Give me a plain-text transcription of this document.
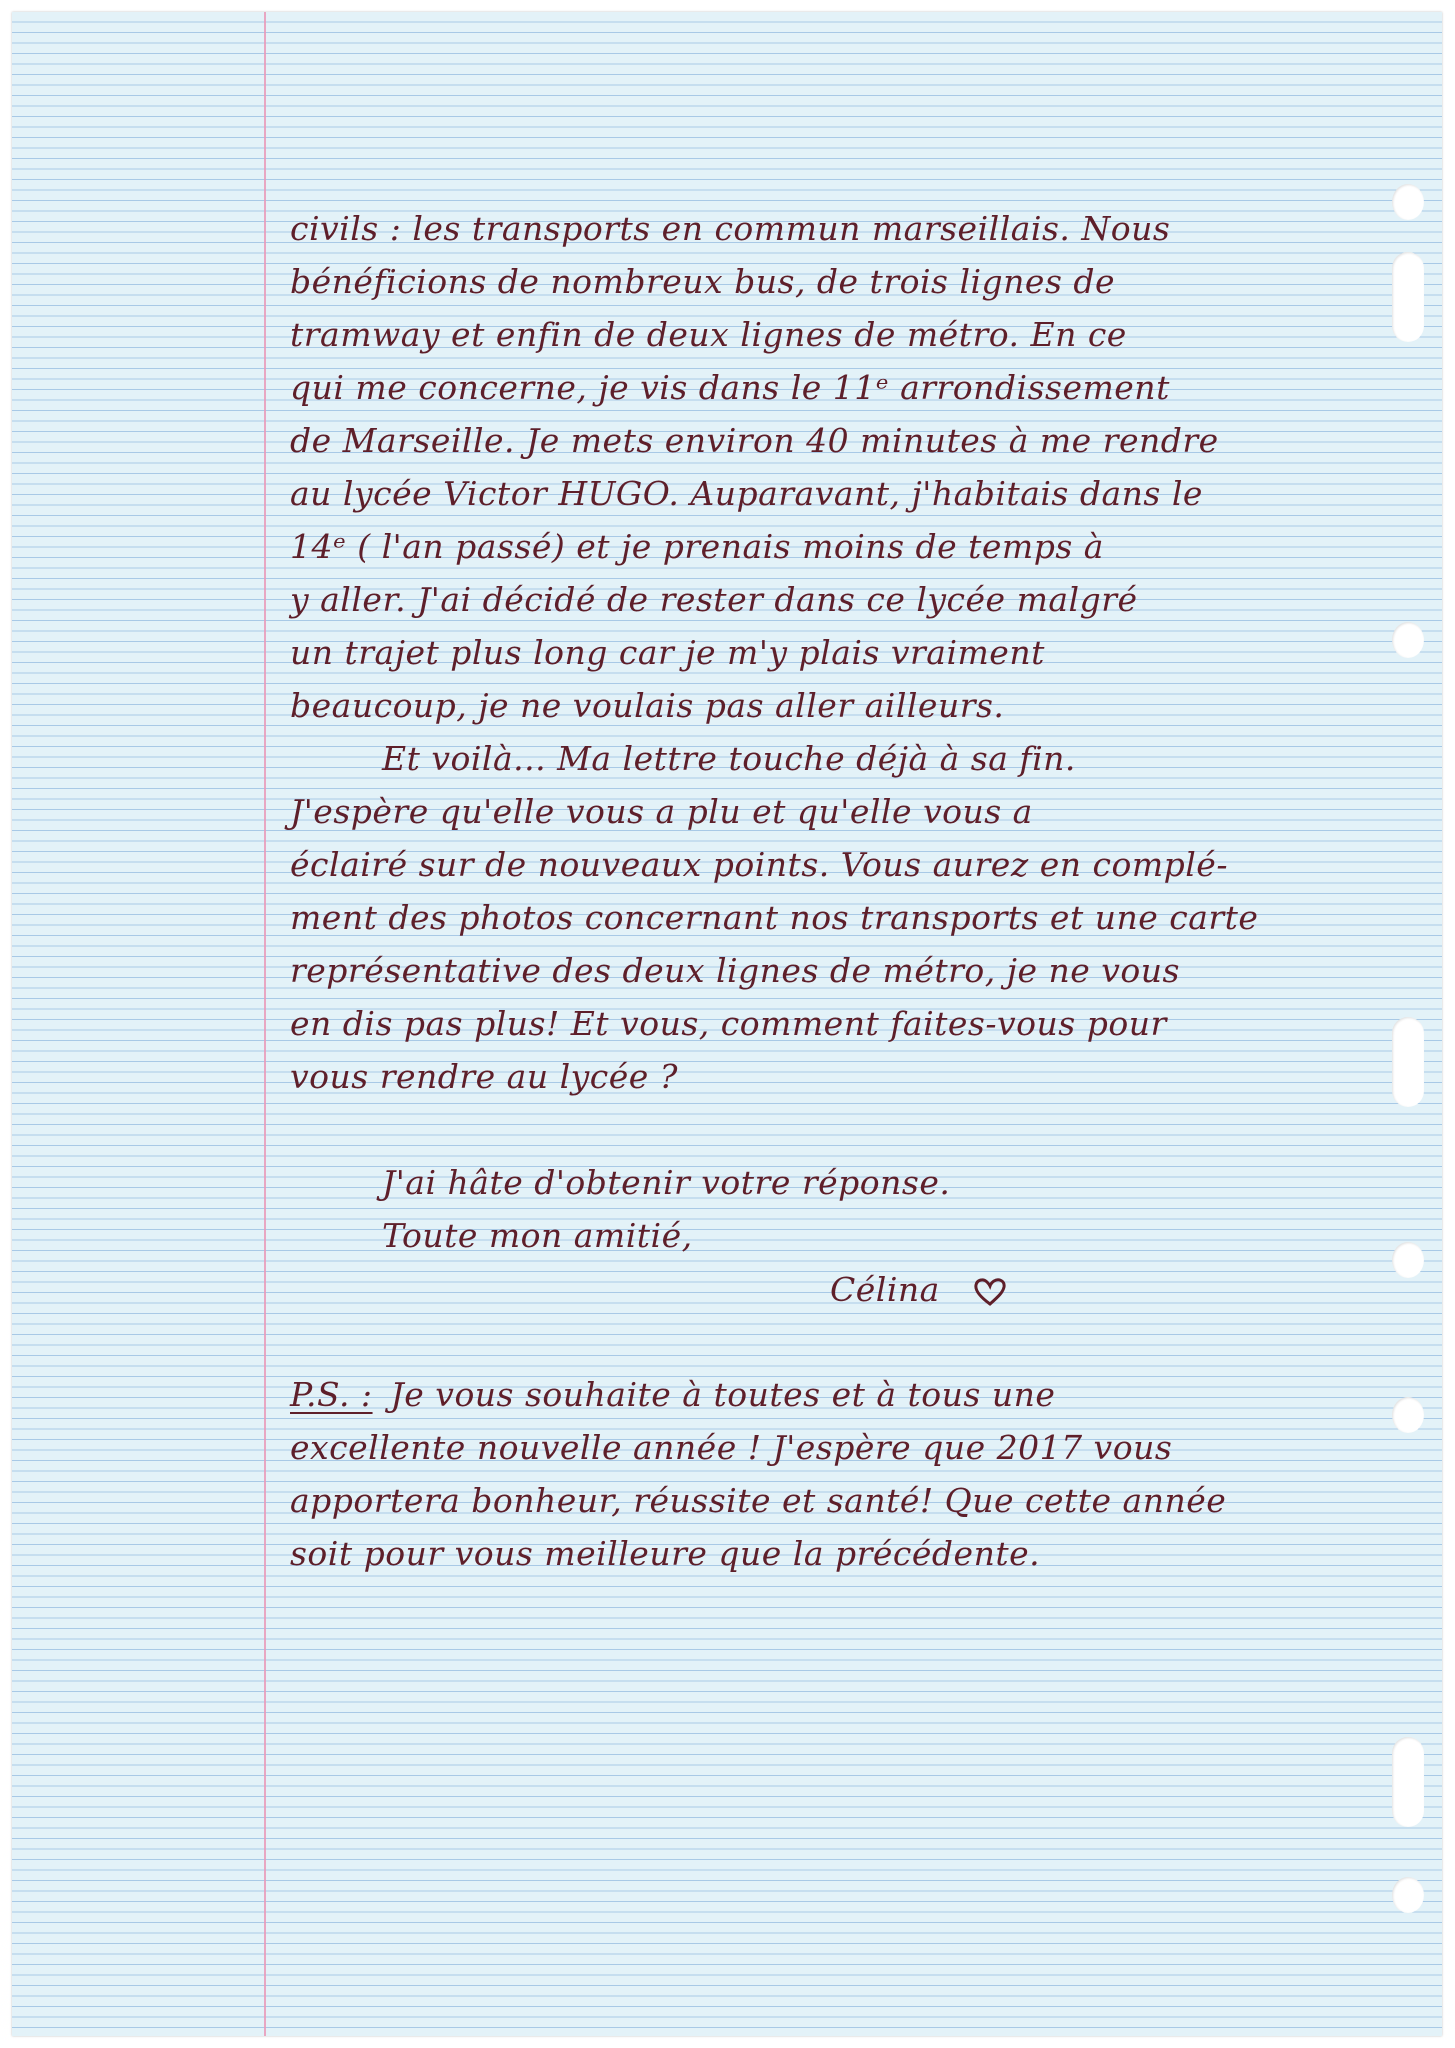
civils : les transports en commun marseillais. Nous
bénéficions de nombreux bus, de trois lignes de
tramway et enfin de deux lignes de métro. En ce
qui me concerne, je vis dans le 11ᵉ arrondissement
de Marseille. Je mets environ 40 minutes à me rendre
au lycée Victor HUGO. Auparavant, j'habitais dans le
14ᵉ ( l'an passé) et je prenais moins de temps à
y aller. J'ai décidé de rester dans ce lycée malgré
un trajet plus long car je m'y plais vraiment
beaucoup, je ne voulais pas aller ailleurs.
Et voilà... Ma lettre touche déjà à sa fin.
J'espère qu'elle vous a plu et qu'elle vous a
éclairé sur de nouveaux points. Vous aurez en complé-
ment des photos concernant nos transports et une carte
représentative des deux lignes de métro, je ne vous
en dis pas plus! Et vous, comment faites-vous pour
vous rendre au lycée ?
J'ai hâte d'obtenir votre réponse.
Toute mon amitié,
Célina
P.S. : Je vous souhaite à toutes et à tous une
excellente nouvelle année ! J'espère que 2017 vous
apportera bonheur, réussite et santé! Que cette année
soit pour vous meilleure que la précédente.
